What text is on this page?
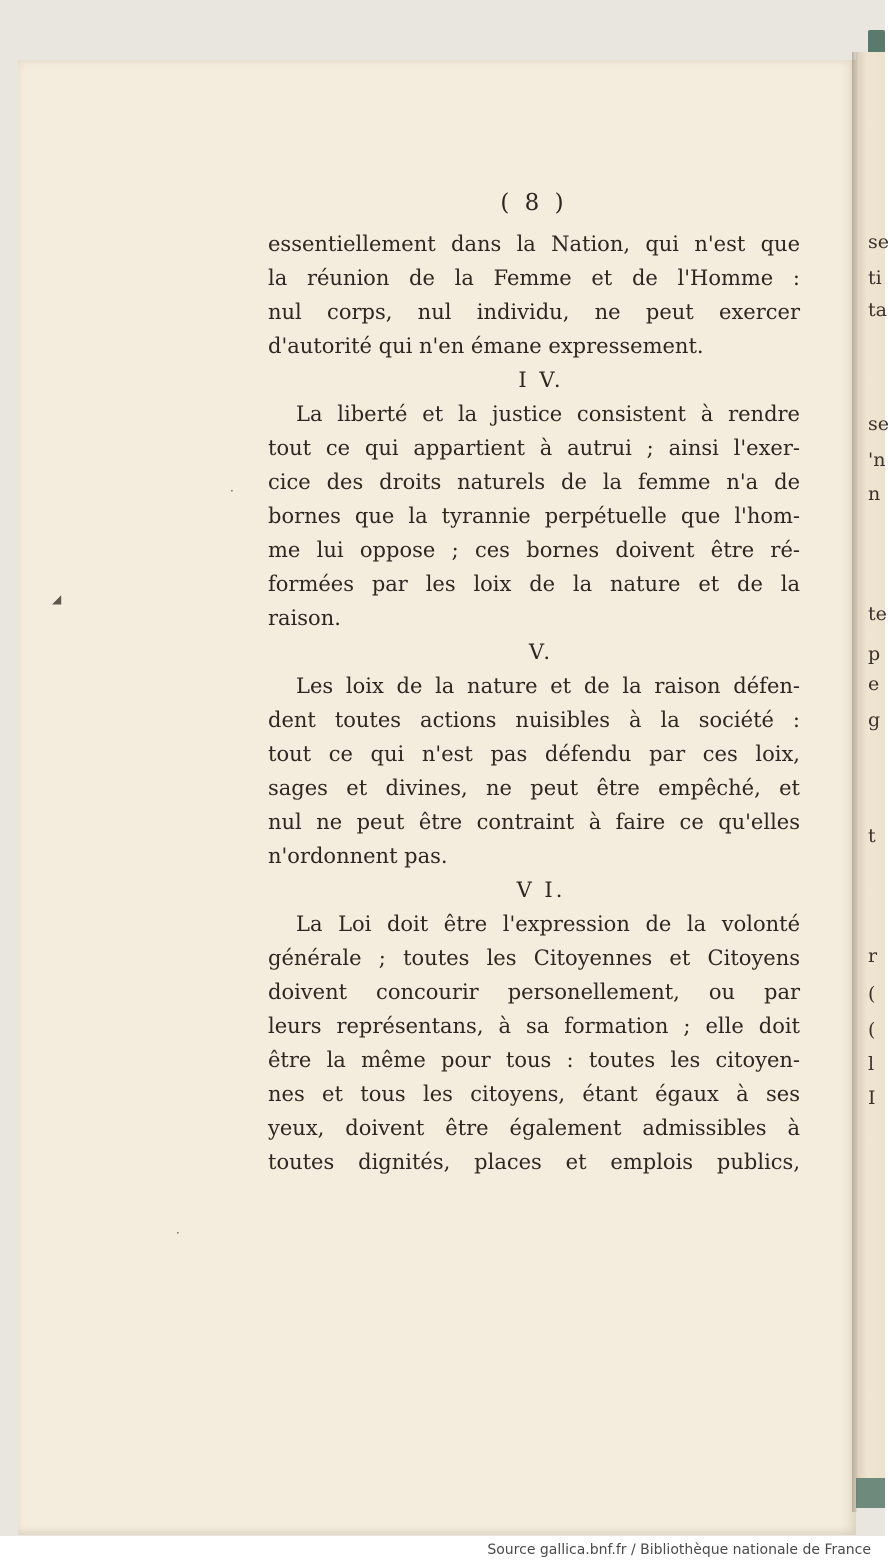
( 8 )
essentiellement dans la Nation, qui n'est que
la réunion de la Femme et de l'Homme :
nul corps, nul individu, ne peut exercer
d'autorité qui n'en émane expressement.
I V.
La liberté et la justice consistent à rendre
tout ce qui appartient à autrui ; ainsi l'exer-
cice des droits naturels de la femme n'a de
bornes que la tyrannie perpétuelle que l'hom-
me lui oppose ; ces bornes doivent être ré-
formées par les loix de la nature et de la
raison.
V.
Les loix de la nature et de la raison défen-
dent toutes actions nuisibles à la société :
tout ce qui n'est pas défendu par ces loix,
sages et divines, ne peut être empêché, et
nul ne peut être contraint à faire ce qu'elles
n'ordonnent pas.
V I.
La Loi doit être l'expression de la volonté
générale ; toutes les Citoyennes et Citoyens
doivent concourir personellement, ou par
leurs représentans, à sa formation ; elle doit
être la même pour tous : toutes les citoyen-
nes et tous les citoyens, étant égaux à ses
yeux, doivent être également admissibles à
toutes dignités, places et emplois publics,
se
ti
ta
se
'n
n
te
p
e
g
t
r
(
(
l
I
◢
·
·
Source gallica.bnf.fr / Bibliothèque nationale de France
